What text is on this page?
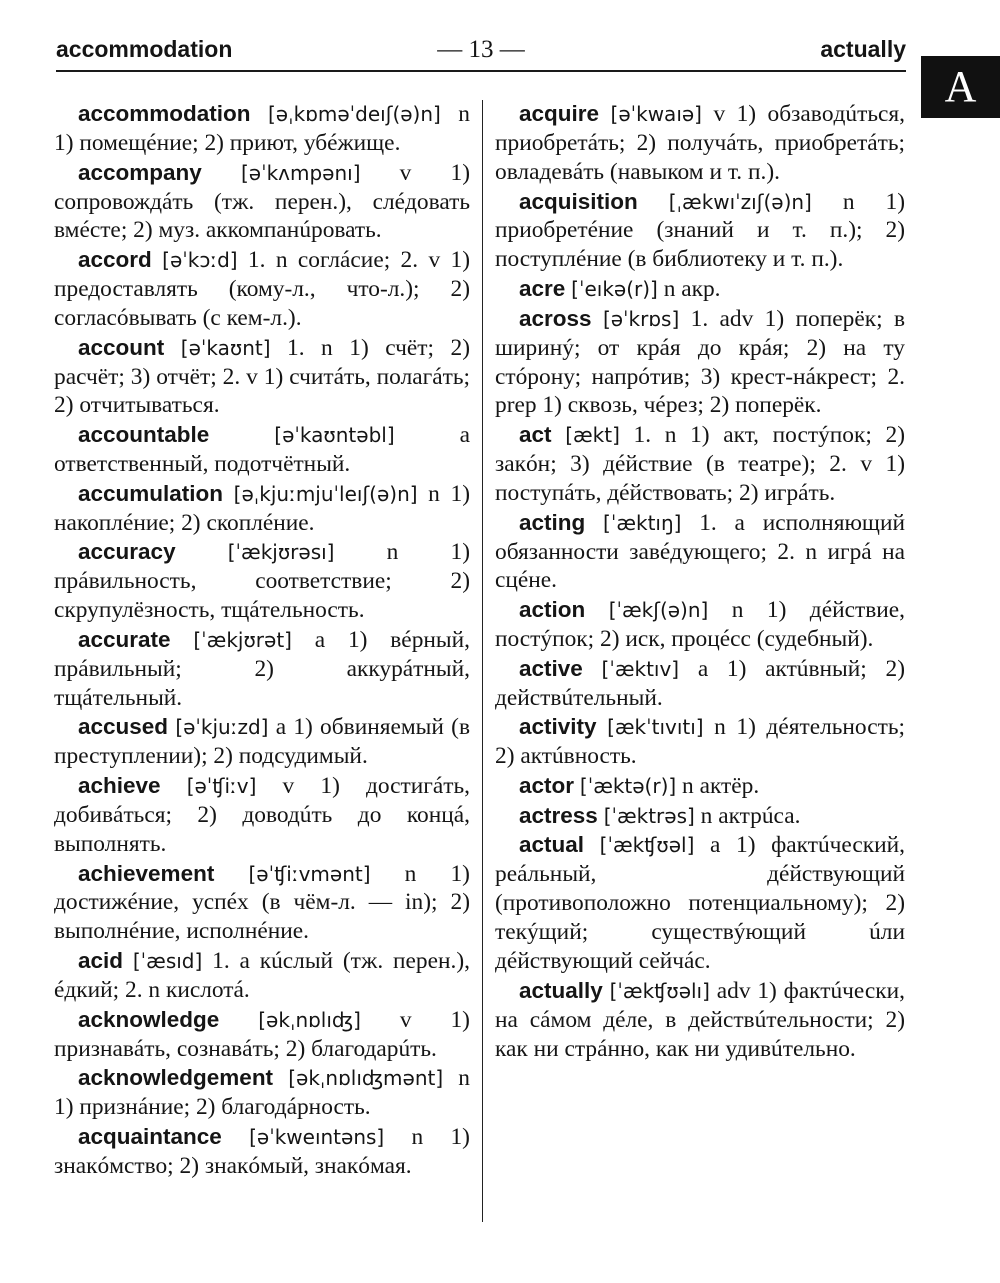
accommodation	— 13 —	actually
A
accommodation [əˌkɒməˈdeıʃ(ə)n] n 1) помещéние; 2) приют, убéжище.
accompany [əˈkʌmpənı] v 1) сопровождáть (тж. перен.), слéдовать вмéсте; 2) муз. аккомпанúровать.
accord [əˈkɔːd] 1. n соглáсие; 2. v 1) предоставлять (кому-л., что-л.); 2) согласóвывать (с кем-л.).
account [əˈkaʊnt] 1. n 1) счёт; 2) расчёт; 3) отчёт; 2. v 1) считáть, полагáть; 2) отчитываться.
accountable	[əˈkaʊntəbl] a ответственный, подотчётный.
accumulation [əˌkjuːmjuˈleıʃ(ə)n] n 1) накоплéние; 2) скоплéние.
accuracy	[ˈækjʊrəsı] n 1) прáвильность, соответствие; 2) скрупулёзность, тщáтельность.
accurate [ˈækjʊrət] a 1) вéрный, прáвильный; 2) аккурáтный, тщáтельный.
accused [əˈkjuːzd] a 1) обвиняемый (в преступлении); 2) подсудимый.
achieve [əˈʧiːv] v 1) достигáть, добивáться; 2) доводúть до концá, выполнять.
achievement [əˈʧiːvmənt] n 1) достижéние, успéх (в чём-л. — in); 2) выполнéние, исполнéние.
acid [ˈæsıd] 1. a кúслый (тж. перен.), éдкий; 2. n кислотá.
acknowledge [əkˌnɒlıʤ] v 1) признавáть, сознавáть; 2) благодарúть.
acknowledgement [əkˌnɒlıʤmənt] n 1) признáние; 2) благодáрность.
acquaintance [əˈkweıntəns] n 1) знакóмство; 2) знакóмый, знакóмая.
acquire [əˈkwaıə] v 1) обзавoдúться, приобретáть; 2) получáть, приобретáть; овладевáть (навыком и т. п.).
acquisition [ˌækwıˈzıʃ(ə)n] n 1) приобретéние (знаний и т. п.); 2) поступлéние (в библиотеку и т. п.).
acre [ˈeıkə(r)] n акр.
across [əˈkrɒs] 1. adv 1) поперёк; в ширинý; от крáя до крáя; 2) на ту стóрону; напрóтив; 3) крест-нáкрест; 2. prep 1) сквозь, чéрез; 2) поперёк.
act [ækt] 1. n 1) акт, постýпок; 2) закóн; 3) дéйствие (в театре); 2. v 1) поступáть, дéйствовать; 2) игрáть.
acting [ˈæktıŋ] 1. a исполняющий обязанности завéдующего; 2. n игрá на сцéне.
action [ˈækʃ(ə)n] n 1) дéйствие, постýпок; 2) иск, процéсс (судебный).
active [ˈæktıv] a 1) актúвный; 2) действúтельный.
activity [ækˈtıvıtı] n 1) дéятельность; 2) актúвность.
actor [ˈæktə(r)] n актёр.
actress [ˈæktrəs] n актрúса.
actual [ˈækʧʊəl] a 1) фактúческий, реáльный, дéйствующий (противоположно потенциальному); 2) текýщий; существýющий úли дéйствующий сейчáс.
actually [ˈækʧʊəlı] adv 1) фактúчески, на сáмом дéле, в действúтельности; 2) как ни стрáнно, как ни удивúтельно.
